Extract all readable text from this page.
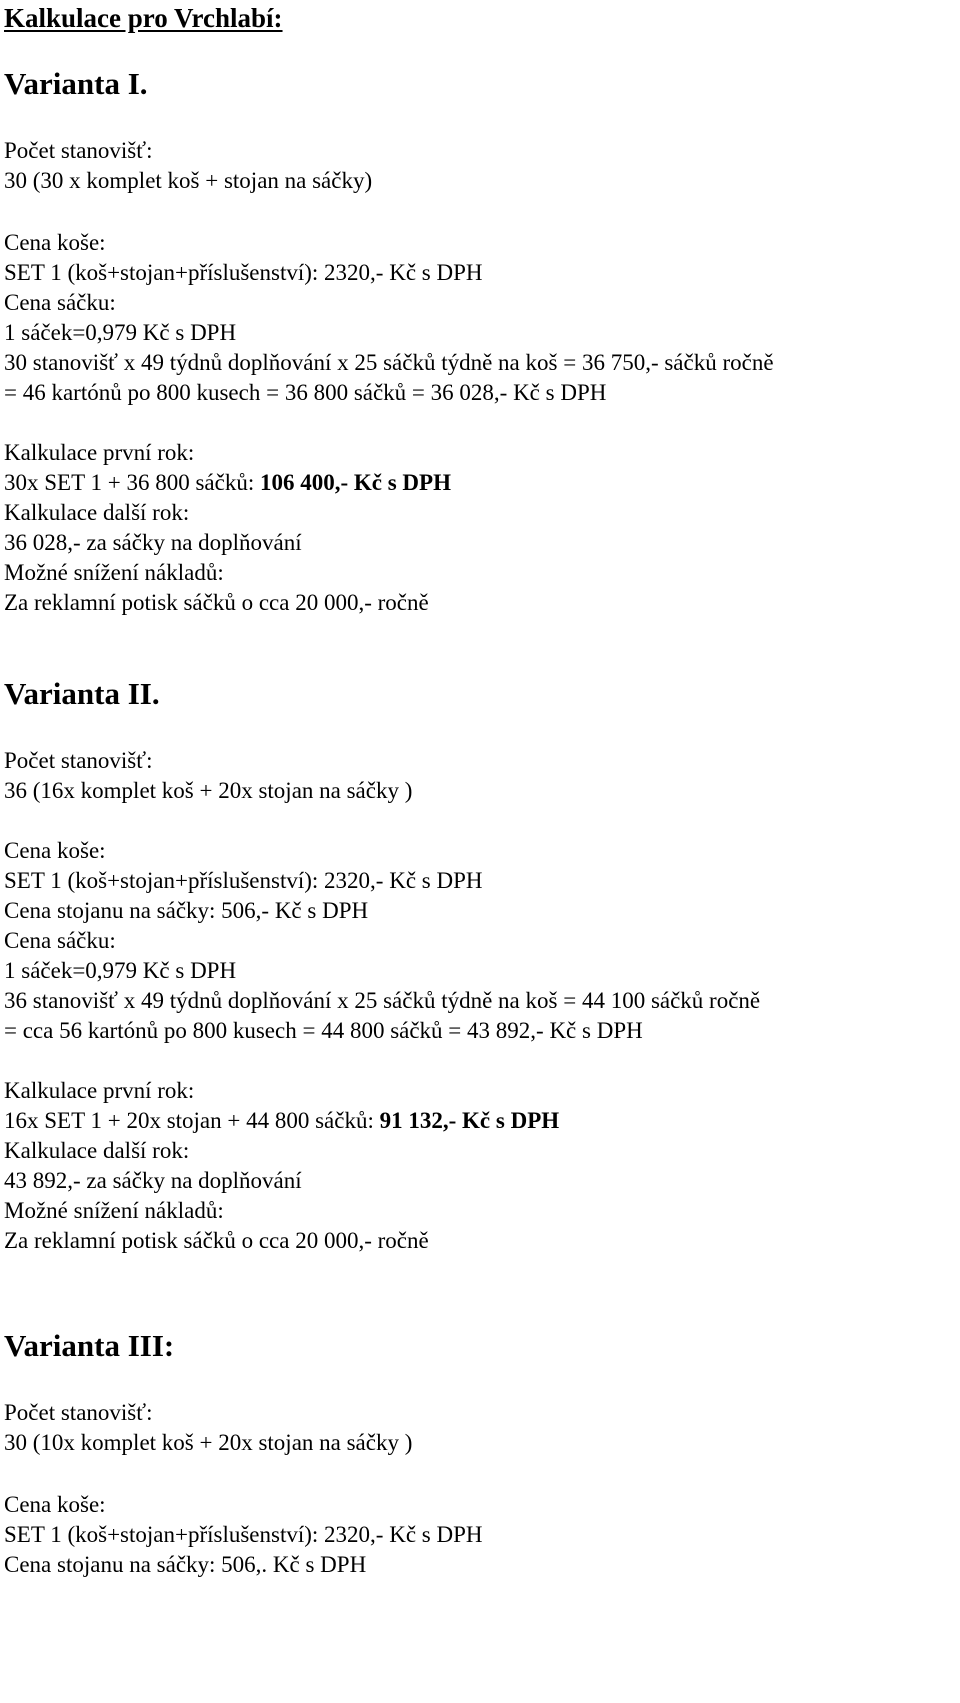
Kalkulace pro Vrchlabí:
Varianta I.
Počet stanovišť:
30 (30 x komplet koš + stojan na sáčky)
Cena koše:
SET 1 (koš+stojan+příslušenství): 2320,- Kč s DPH
Cena sáčku:
1 sáček=0,979 Kč s DPH
30 stanovišť x 49 týdnů doplňování x 25 sáčků týdně na koš = 36 750,- sáčků ročně
= 46 kartónů po 800 kusech = 36 800 sáčků = 36 028,- Kč s DPH
Kalkulace první rok:
30x SET 1 + 36 800 sáčků: 106 400,- Kč s DPH
Kalkulace další rok:
36 028,- za sáčky na doplňování
Možné snížení nákladů:
Za reklamní potisk sáčků o cca 20 000,- ročně
Varianta II.
Počet stanovišť:
36 (16x komplet koš + 20x stojan na sáčky )
Cena koše:
SET 1 (koš+stojan+příslušenství): 2320,- Kč s DPH
Cena stojanu na sáčky: 506,- Kč s DPH
Cena sáčku:
1 sáček=0,979 Kč s DPH
36 stanovišť x 49 týdnů doplňování x 25 sáčků týdně na koš = 44 100 sáčků ročně
= cca 56 kartónů po 800 kusech = 44 800 sáčků = 43 892,- Kč s DPH
Kalkulace první rok:
16x SET 1 + 20x stojan + 44 800 sáčků: 91 132,- Kč s DPH
Kalkulace další rok:
43 892,- za sáčky na doplňování
Možné snížení nákladů:
Za reklamní potisk sáčků o cca 20 000,- ročně
Varianta III:
Počet stanovišť:
30 (10x komplet koš + 20x stojan na sáčky )
Cena koše:
SET 1 (koš+stojan+příslušenství): 2320,- Kč s DPH
Cena stojanu na sáčky: 506,. Kč s DPH
